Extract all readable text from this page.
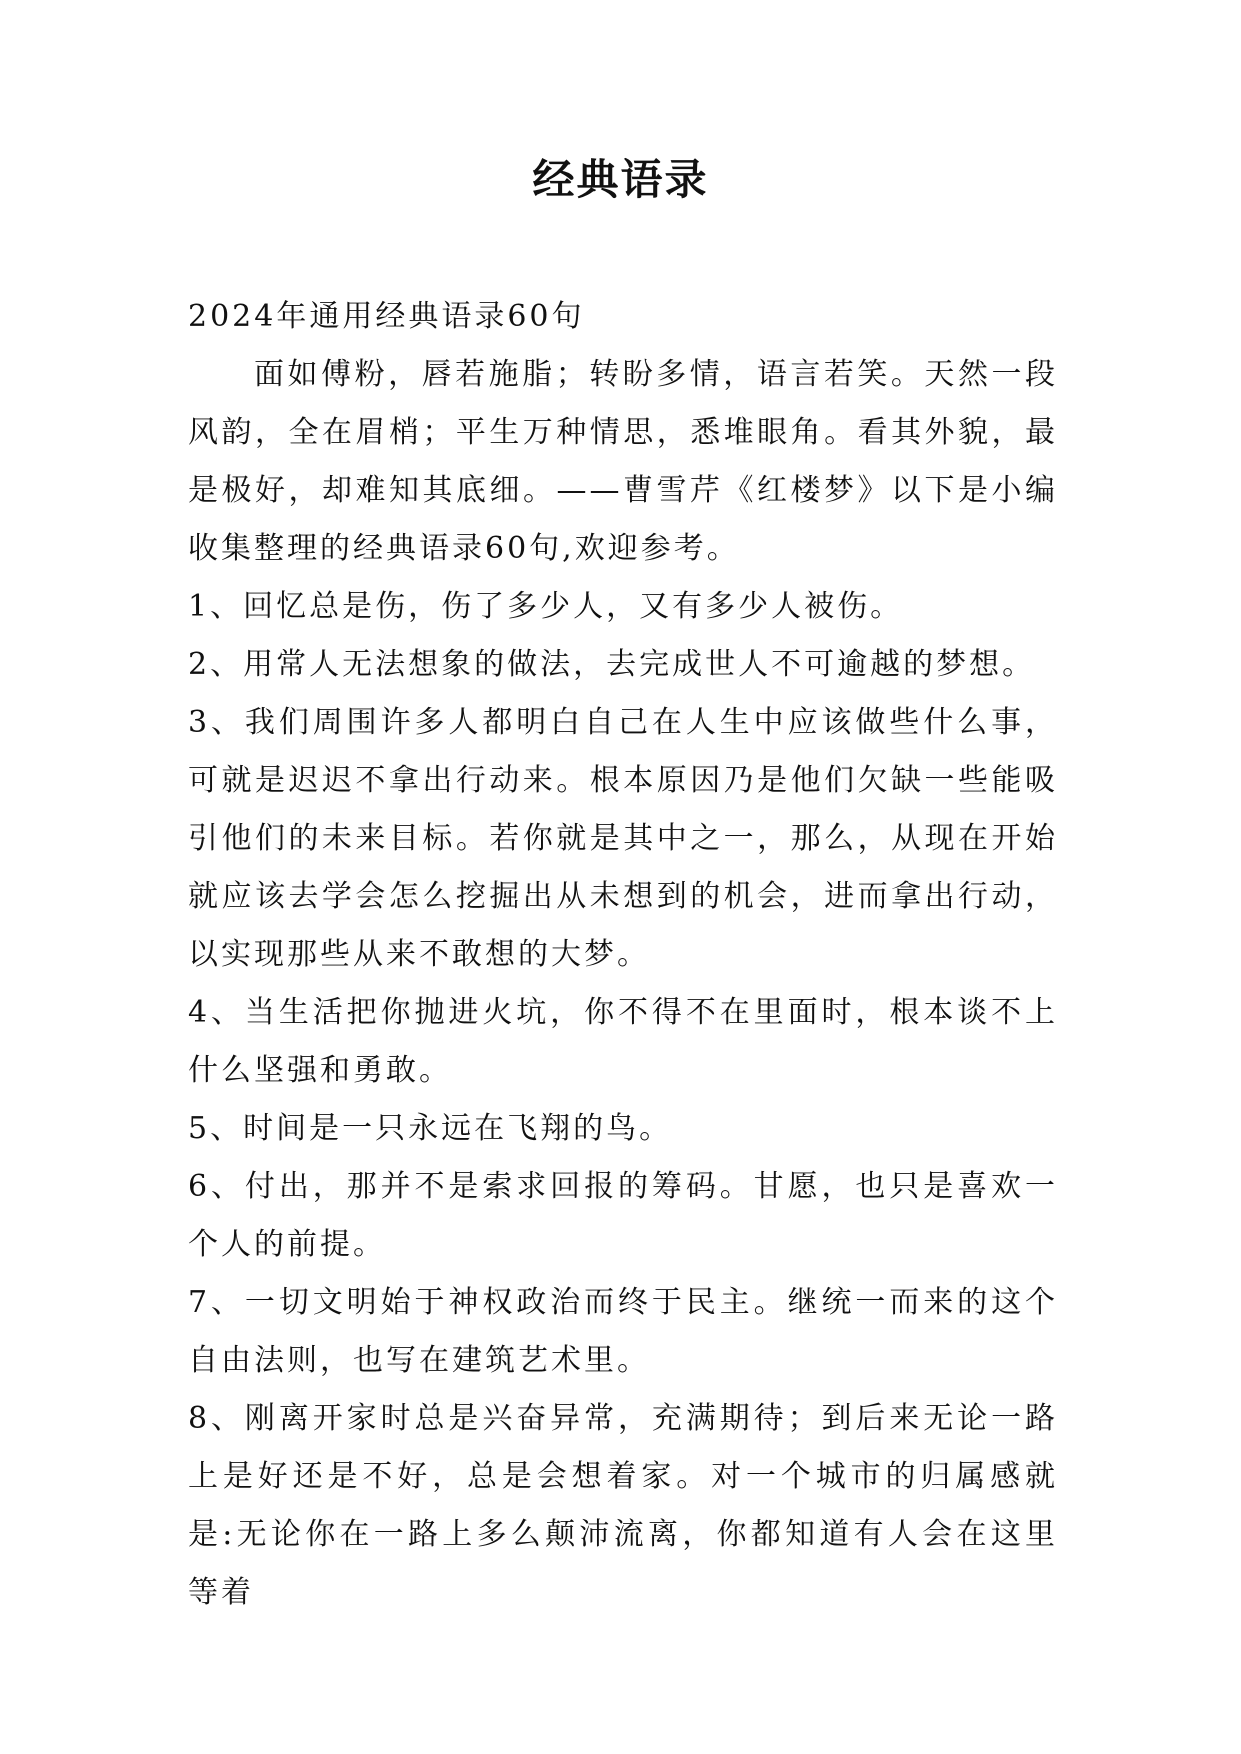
经典语录

2024年通用经典语录60句

面如傅粉，唇若施脂；转盼多情，语言若笑。天然一段风韵，全在眉梢；平生万种情思，悉堆眼角。看其外貌，最是极好，却难知其底细。——曹雪芹《红楼梦》以下是小编收集整理的经典语录60句,欢迎参考。

1、回忆总是伤，伤了多少人，又有多少人被伤。

2、用常人无法想象的做法，去完成世人不可逾越的梦想。

3、我们周围许多人都明白自己在人生中应该做些什么事，可就是迟迟不拿出行动来。根本原因乃是他们欠缺一些能吸引他们的未来目标。若你就是其中之一，那么，从现在开始就应该去学会怎么挖掘出从未想到的机会，进而拿出行动，以实现那些从来不敢想的大梦。

4、当生活把你抛进火坑，你不得不在里面时，根本谈不上什么坚强和勇敢。

5、时间是一只永远在飞翔的鸟。

6、付出，那并不是索求回报的筹码。甘愿，也只是喜欢一个人的前提。

7、一切文明始于神权政治而终于民主。继统一而来的这个自由法则，也写在建筑艺术里。

8、刚离开家时总是兴奋异常，充满期待；到后来无论一路上是好还是不好，总是会想着家。对一个城市的归属感就是:无论你在一路上多么颠沛流离，你都知道有人会在这里等着
